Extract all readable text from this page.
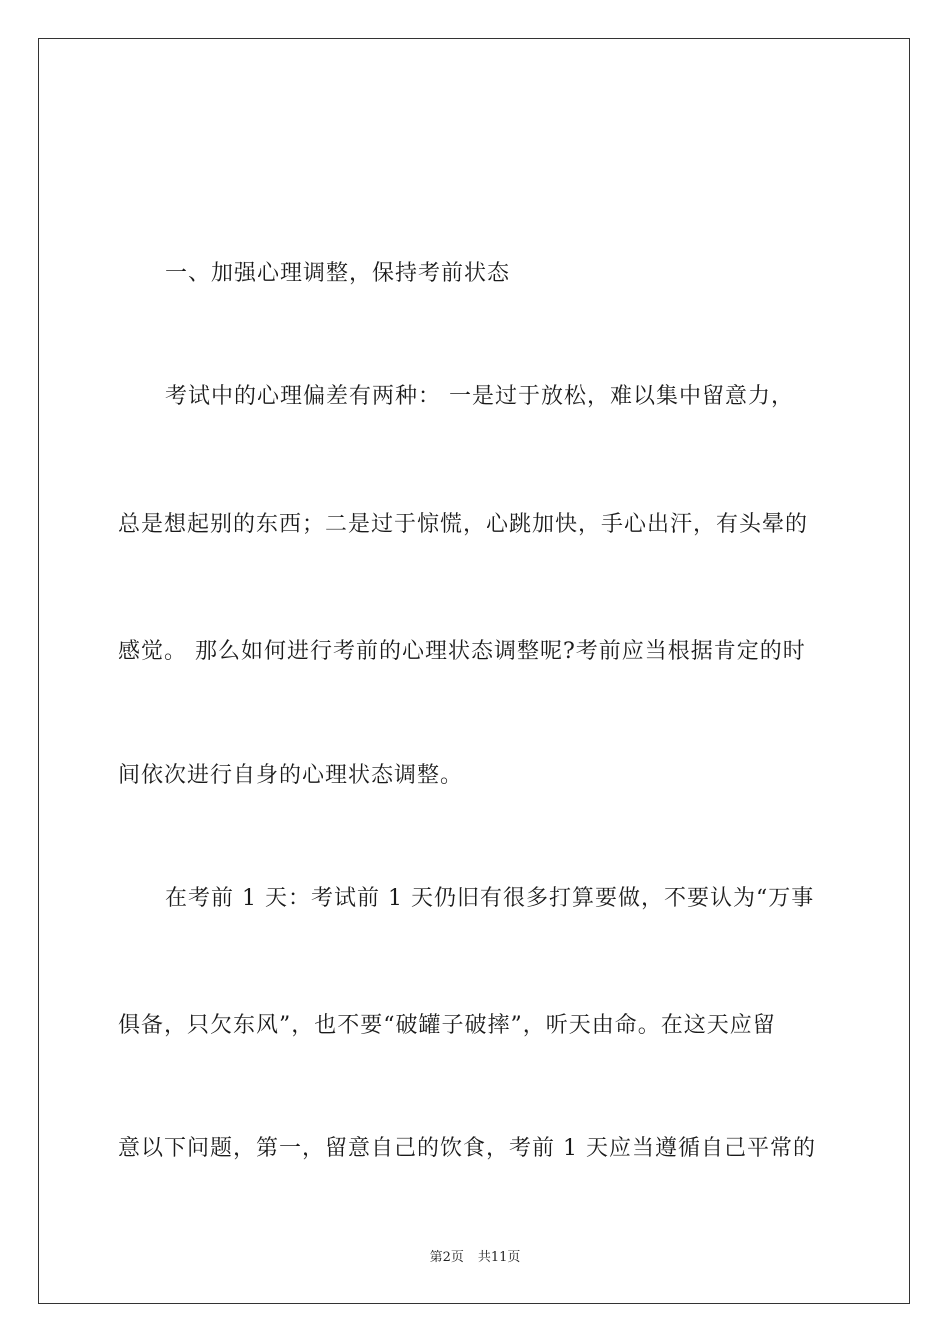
一、加强心理调整，保持考前状态
考试中的心理偏差有两种： 一是过于放松，难以集中留意力，
总是想起别的东西；二是过于惊慌，心跳加快，手心出汗，有头晕的
感觉。 那么如何进行考前的心理状态调整呢?考前应当根据肯定的时
间依次进行自身的心理状态调整。
在考前 1 天：考试前 1 天仍旧有很多打算要做，不要认为“万事
俱备，只欠东风”，也不要“破罐子破摔”，听天由命。在这天应留
意以下问题，第一，留意自己的饮食，考前 1 天应当遵循自己平常的
第2页 共11页
